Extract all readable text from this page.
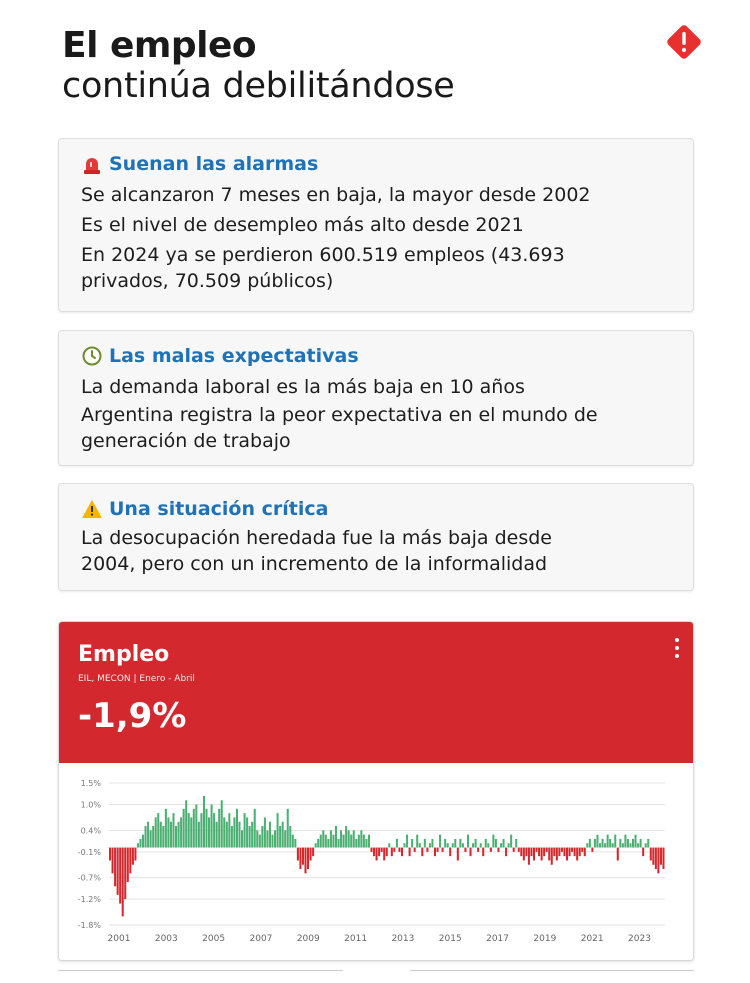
El empleo
continúa debilitándose
Suenan las alarmas
Se alcanzaron 7 meses en baja, la mayor desde 2002
Es el nivel de desempleo más alto desde 2021
En 2024 ya se perdieron 600.519 empleos (43.693
privados, 70.509 públicos)
Las malas expectativas
La demanda laboral es la más baja en 10 años
Argentina registra la peor expectativa en el mundo de
generación de trabajo
Una situación crítica
La desocupación heredada fue la más baja desde
2004, pero con un incremento de la informalidad
Empleo
EIL, MECON | Enero - Abril
-1,9%
1.5%
1.0%
0.4%
-0.1%
-0.7%
-1.2%
-1.8%
2001	2003	2005	2007	2009	2011	2013	2015	2017	2019	2021	2023
